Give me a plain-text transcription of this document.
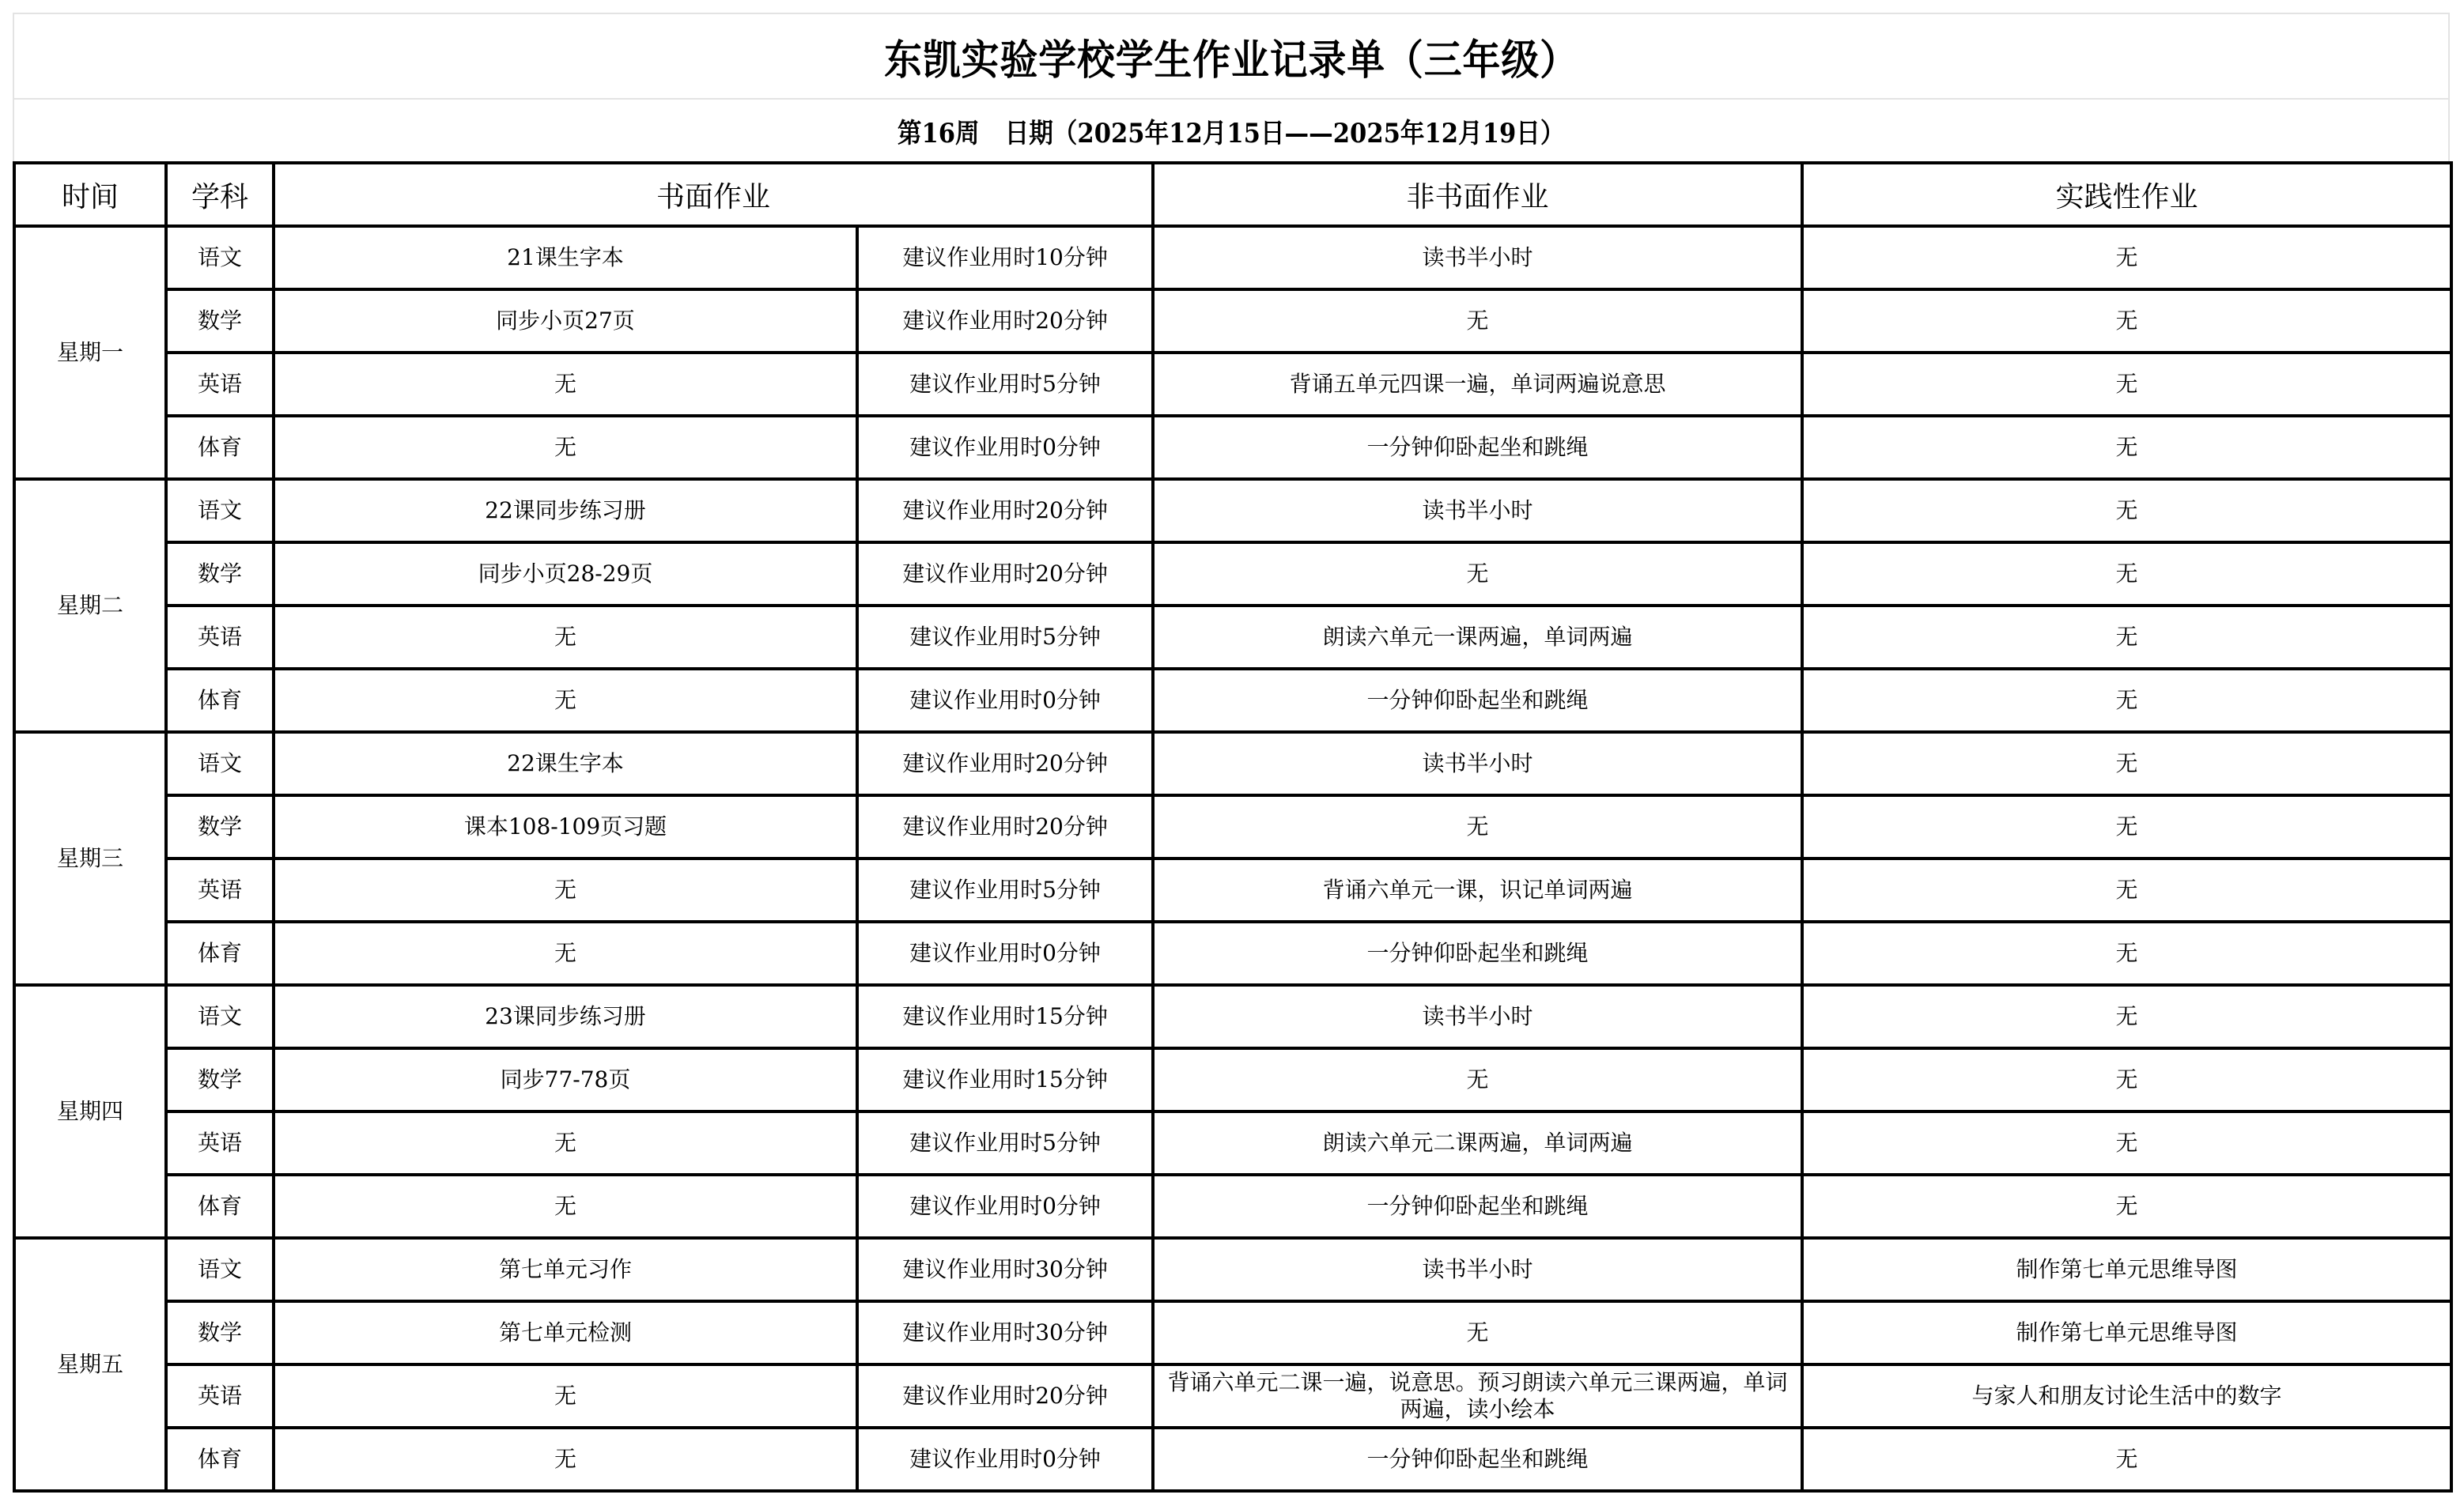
东凯实验学校学生作业记录单（三年级）
第16周   日期（2025年12月15日——2025年12月19日）
时间	学科	书面作业		非书面作业	实践性作业
星期一	语文	21课生字本	建议作业用时10分钟	读书半小时	无
	数学	同步小页27页	建议作业用时20分钟	无	无
	英语	无	建议作业用时5分钟	背诵五单元四课一遍，单词两遍说意思	无
	体育	无	建议作业用时0分钟	一分钟仰卧起坐和跳绳	无
星期二	语文	22课同步练习册	建议作业用时20分钟	读书半小时	无
	数学	同步小页28-29页	建议作业用时20分钟	无	无
	英语	无	建议作业用时5分钟	朗读六单元一课两遍，单词两遍	无
	体育	无	建议作业用时0分钟	一分钟仰卧起坐和跳绳	无
星期三	语文	22课生字本	建议作业用时20分钟	读书半小时	无
	数学	课本108-109页习题	建议作业用时20分钟	无	无
	英语	无	建议作业用时5分钟	背诵六单元一课，识记单词两遍	无
	体育	无	建议作业用时0分钟	一分钟仰卧起坐和跳绳	无
星期四	语文	23课同步练习册	建议作业用时15分钟	读书半小时	无
	数学	同步77-78页	建议作业用时15分钟	无	无
	英语	无	建议作业用时5分钟	朗读六单元二课两遍，单词两遍	无
	体育	无	建议作业用时0分钟	一分钟仰卧起坐和跳绳	无
星期五	语文	第七单元习作	建议作业用时30分钟	读书半小时	制作第七单元思维导图
	数学	第七单元检测	建议作业用时30分钟	无	制作第七单元思维导图
	英语	无	建议作业用时20分钟	背诵六单元二课一遍，说意思。预习朗读六单元三课两遍，单词两遍，读小绘本	与家人和朋友讨论生活中的数字
	体育	无	建议作业用时0分钟	一分钟仰卧起坐和跳绳	无
